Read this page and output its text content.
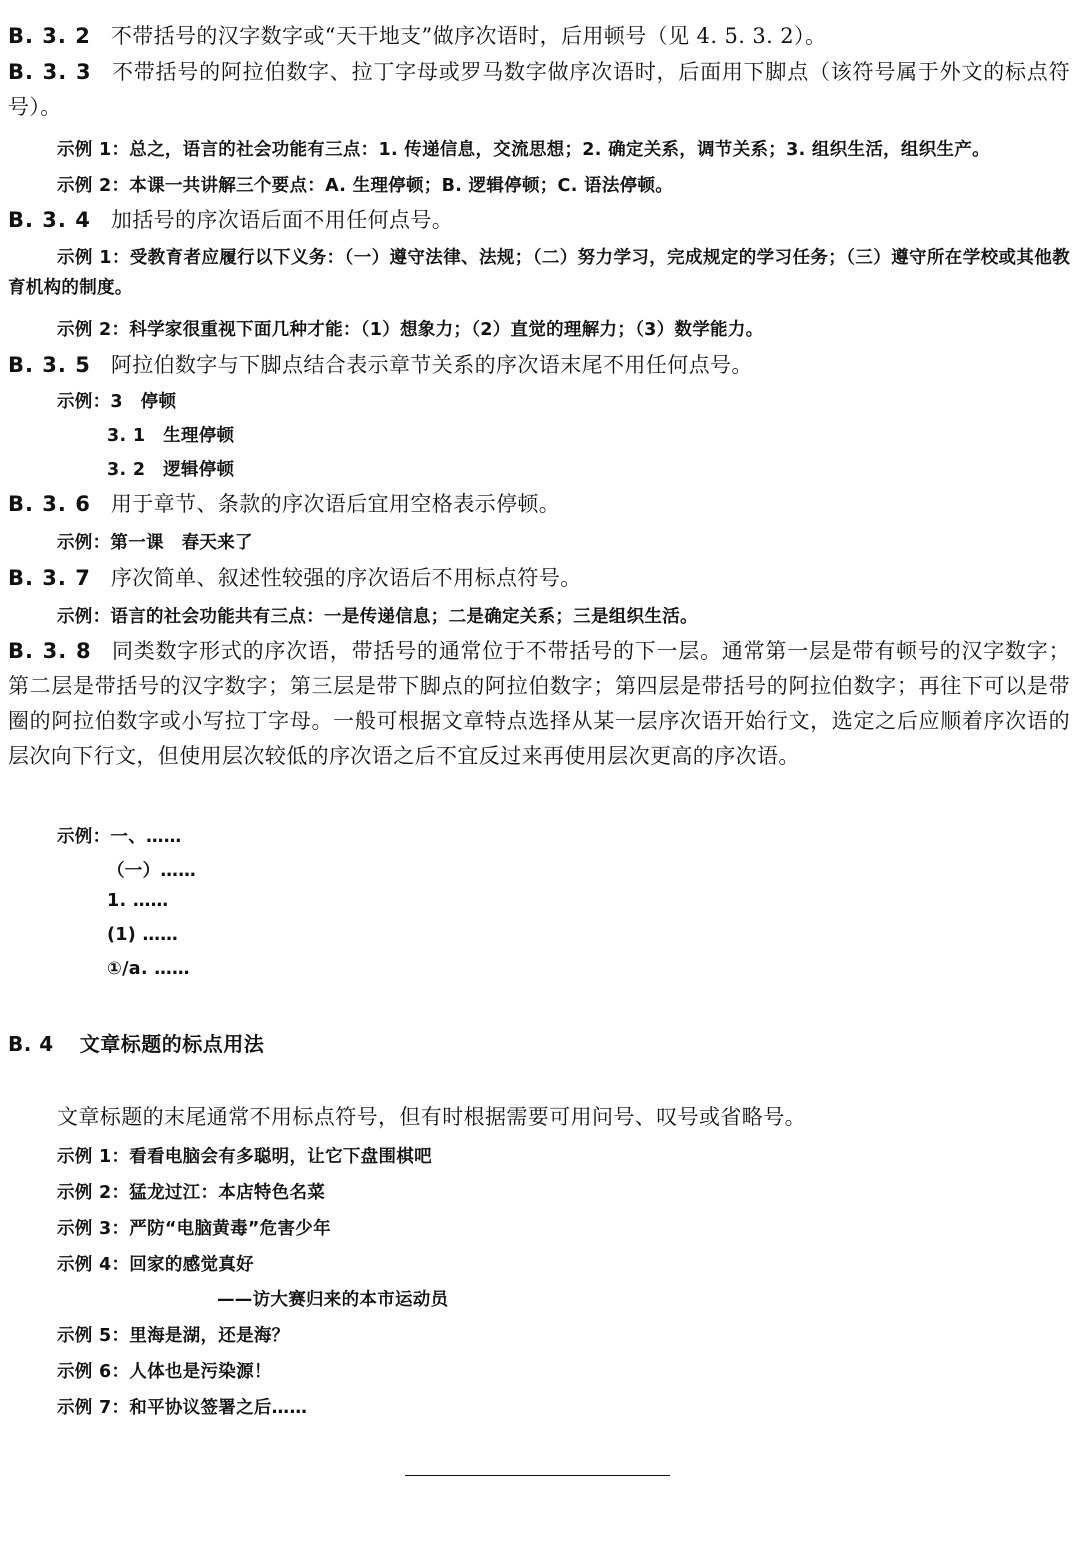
B. 3. 2 不带括号的汉字数字或“天干地支”做序次语时，后用顿号（见 4. 5. 3. 2）。
B. 3. 3 不带括号的阿拉伯数字、拉丁字母或罗马数字做序次语时，后面用下脚点（该符号属于外文的标点符号）。
示例 1：总之，语言的社会功能有三点：1. 传递信息，交流思想；2. 确定关系，调节关系；3. 组织生活，组织生产。
示例 2：本课一共讲解三个要点：A. 生理停顿；B. 逻辑停顿；C. 语法停顿。
B. 3. 4 加括号的序次语后面不用任何点号。
示例 1：受教育者应履行以下义务：（一）遵守法律、法规；（二）努力学习，完成规定的学习任务；（三）遵守所在学校或其他教育机构的制度。
示例 2：科学家很重视下面几种才能：（1）想象力；（2）直觉的理解力；（3）数学能力。
B. 3. 5 阿拉伯数字与下脚点结合表示章节关系的序次语末尾不用任何点号。
示例：3　停顿
3. 1　生理停顿
3. 2　逻辑停顿
B. 3. 6 用于章节、条款的序次语后宜用空格表示停顿。
示例：第一课　春天来了
B. 3. 7 序次简单、叙述性较强的序次语后不用标点符号。
示例：语言的社会功能共有三点：一是传递信息；二是确定关系；三是组织生活。
B. 3. 8 同类数字形式的序次语，带括号的通常位于不带括号的下一层。通常第一层是带有顿号的汉字数字；第二层是带括号的汉字数字；第三层是带下脚点的阿拉伯数字；第四层是带括号的阿拉伯数字；再往下可以是带圈的阿拉伯数字或小写拉丁字母。一般可根据文章特点选择从某一层序次语开始行文，选定之后应顺着序次语的层次向下行文，但使用层次较低的序次语之后不宜反过来再使用层次更高的序次语。
示例：一、……
（一）……
1. ……
(1) ……
①/a. ……
B. 4 文章标题的标点用法
文章标题的末尾通常不用标点符号，但有时根据需要可用问号、叹号或省略号。
示例 1：看看电脑会有多聪明，让它下盘围棋吧
示例 2：猛龙过江：本店特色名菜
示例 3：严防“电脑黄毒”危害少年
示例 4：回家的感觉真好
——访大赛归来的本市运动员
示例 5：里海是湖，还是海？
示例 6：人体也是污染源！
示例 7：和平协议签署之后……
